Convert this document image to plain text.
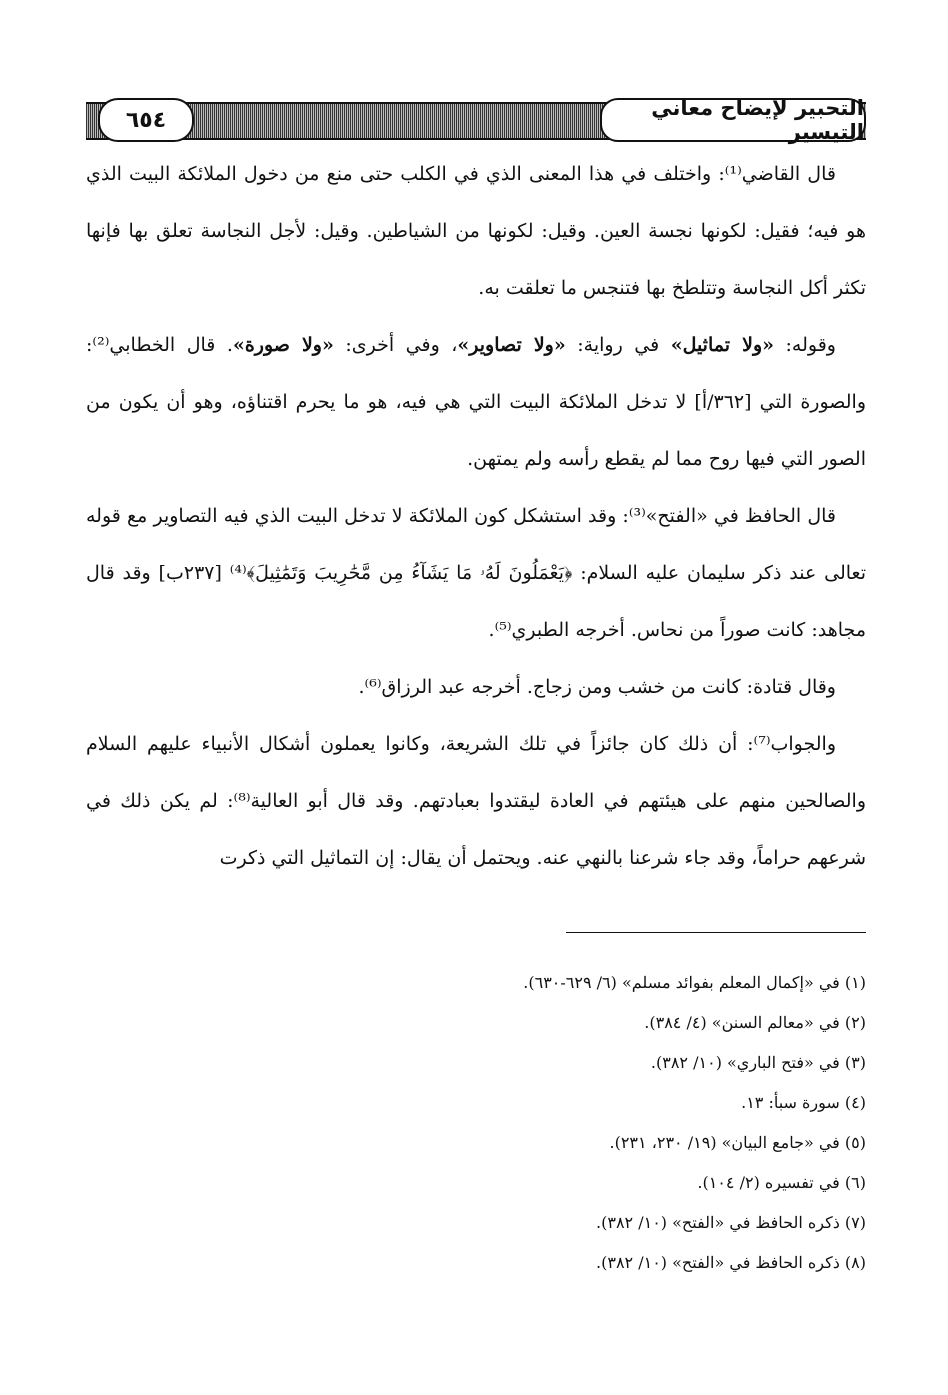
التحبير لإيضاح معاني التيسير
٦٥٤

قال القاضي⁽¹⁾: واختلف في هذا المعنى الذي في الكلب حتى منع من دخول الملائكة البيت الذي هو فيه؛ فقيل: لكونها نجسة العين. وقيل: لكونها من الشياطين. وقيل: لأجل النجاسة تعلق بها فإنها تكثر أكل النجاسة وتتلطخ بها فتنجس ما تعلقت به.

وقوله: «ولا تماثيل» في رواية: «ولا تصاوير»، وفي أخرى: «ولا صورة». قال الخطابي⁽²⁾: والصورة التي [٣٦٢/أ] لا تدخل الملائكة البيت التي هي فيه، هو ما يحرم اقتناؤه، وهو أن يكون من الصور التي فيها روح مما لم يقطع رأسه ولم يمتهن.

قال الحافظ في «الفتح»⁽³⁾: وقد استشكل كون الملائكة لا تدخل البيت الذي فيه التصاوير مع قوله تعالى عند ذكر سليمان عليه السلام: ﴿يَعْمَلُونَ لَهُۥ مَا يَشَآءُ مِن مَّحَٰرِيبَ وَتَمَٰثِيلَ﴾⁽⁴⁾ [٢٣٧ب] وقد قال مجاهد: كانت صوراً من نحاس. أخرجه الطبري⁽⁵⁾.

وقال قتادة: كانت من خشب ومن زجاج. أخرجه عبد الرزاق⁽⁶⁾.

والجواب⁽⁷⁾: أن ذلك كان جائزاً في تلك الشريعة، وكانوا يعملون أشكال الأنبياء عليهم السلام والصالحين منهم على هيئتهم في العادة ليقتدوا بعبادتهم. وقد قال أبو العالية⁽⁸⁾: لم يكن ذلك في شرعهم حراماً، وقد جاء شرعنا بالنهي عنه. ويحتمل أن يقال: إن التماثيل التي ذكرت

(١) في «إكمال المعلم بفوائد مسلم» (٦/ ٦٢٩-٦٣٠).

(٢) في «معالم السنن» (٤/ ٣٨٤).

(٣) في «فتح الباري» (١٠/ ٣٨٢).

(٤) سورة سبأ: ١٣.

(٥) في «جامع البيان» (١٩/ ٢٣٠، ٢٣١).

(٦) في تفسيره (٢/ ١٠٤).

(٧) ذكره الحافظ في «الفتح» (١٠/ ٣٨٢).

(٨) ذكره الحافظ في «الفتح» (١٠/ ٣٨٢).
